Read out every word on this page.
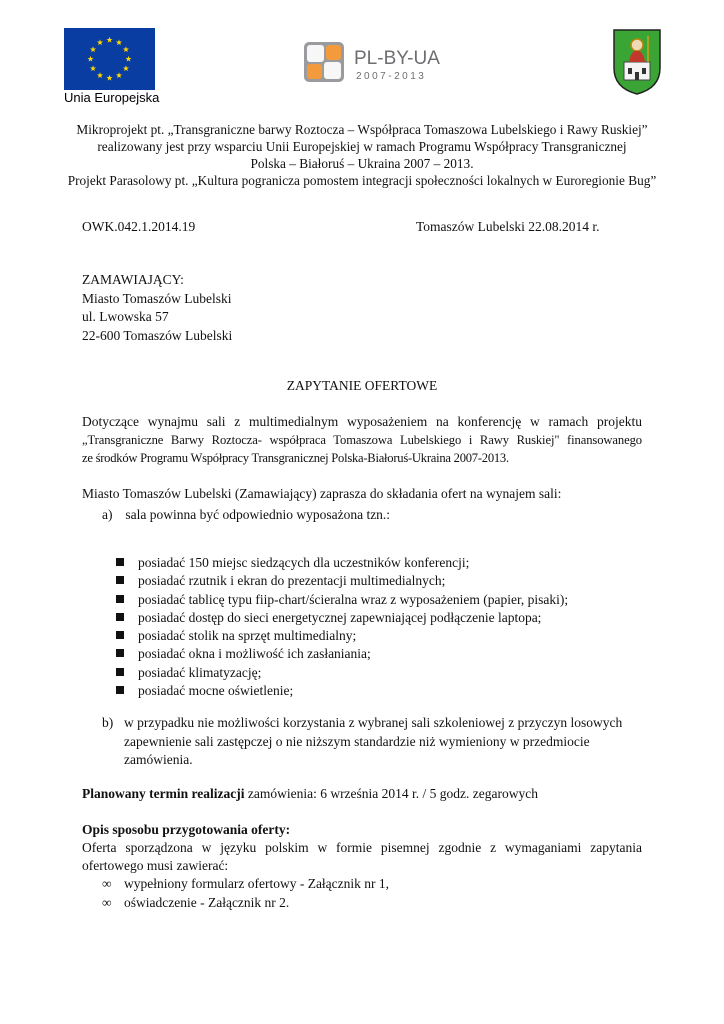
Unia Europejska
PL-BY-UA
2007-2013
Mikroprojekt pt. „Transgraniczne barwy Roztocza – Współpraca Tomaszowa Lubelskiego i Rawy Ruskiej”
realizowany jest przy wsparciu Unii Europejskiej w ramach Programu Współpracy Transgranicznej
Polska – Białoruś – Ukraina 2007 – 2013.
Projekt Parasolowy pt. „Kultura pogranicza pomostem integracji społeczności lokalnych w Euroregionie Bug”
OWK.042.1.2014.19	Tomaszów Lubelski 22.08.2014 r.
ZAMAWIAJĄCY:
Miasto Tomaszów Lubelski
ul. Lwowska 57
22-600 Tomaszów Lubelski
ZAPYTANIE OFERTOWE
Dotyczące wynajmu sali z multimedialnym wyposażeniem na konferencję w ramach projektu
„Transgraniczne Barwy Roztocza- współpraca Tomaszowa Lubelskiego i Rawy Ruskiej" finansowanego
ze środków Programu Współpracy Transgranicznej Polska-Białoruś-Ukraina 2007-2013.
Miasto Tomaszów Lubelski (Zamawiający) zaprasza do składania ofert na wynajem sali:
a) sala powinna być odpowiednio wyposażona tzn.:
posiadać 150 miejsc siedzących dla uczestników konferencji;
posiadać rzutnik i ekran do prezentacji multimedialnych;
posiadać tablicę typu fiip-chart/ścieralna wraz z wyposażeniem (papier, pisaki);
posiadać dostęp do sieci energetycznej zapewniającej podłączenie laptopa;
posiadać stolik na sprzęt multimedialny;
posiadać okna i możliwość ich zasłaniania;
posiadać klimatyzację;
posiadać mocne oświetlenie;
b) w przypadku nie możliwości korzystania z wybranej sali szkoleniowej z przyczyn losowych
zapewnienie sali zastępczej o nie niższym standardzie niż wymieniony w przedmiocie
zamówienia.
Planowany termin realizacji zamówienia: 6 września 2014 r. / 5 godz. zegarowych
Opis sposobu przygotowania oferty:
Oferta sporządzona w języku polskim w formie pisemnej zgodnie z wymaganiami zapytania
ofertowego musi zawierać:
∞ wypełniony formularz ofertowy - Załącznik nr 1,
∞ oświadczenie - Załącznik nr 2.
